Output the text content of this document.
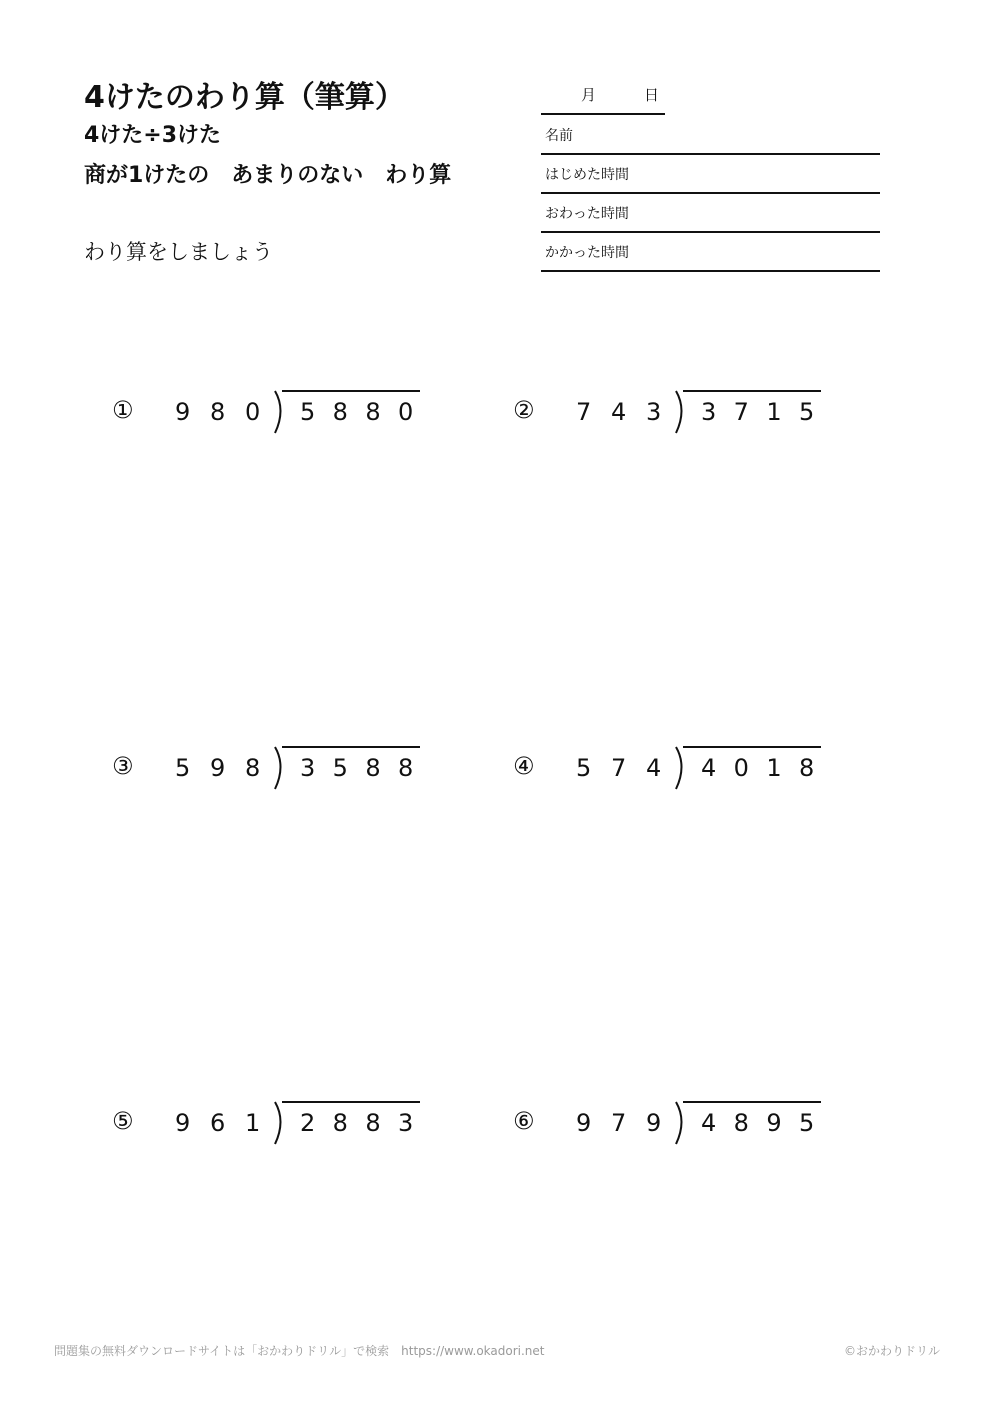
4けたのわり算（筆算）
4けた÷3けた
商が1けたの　あまりのない　わり算
わり算をしましょう
月	日
名前
はじめた時間
おわった時間
かかった時間
① 9 8 0 5 8 8 0	② 7 4 3 3 7 1 5
③ 5 9 8 3 5 8 8	④ 5 7 4 4 0 1 8
⑤ 9 6 1 2 8 8 3	⑥ 9 7 9 4 8 9 5
問題集の無料ダウンロードサイトは「おかわりドリル」で検索　https://www.okadori.net	©おかわりドリル
